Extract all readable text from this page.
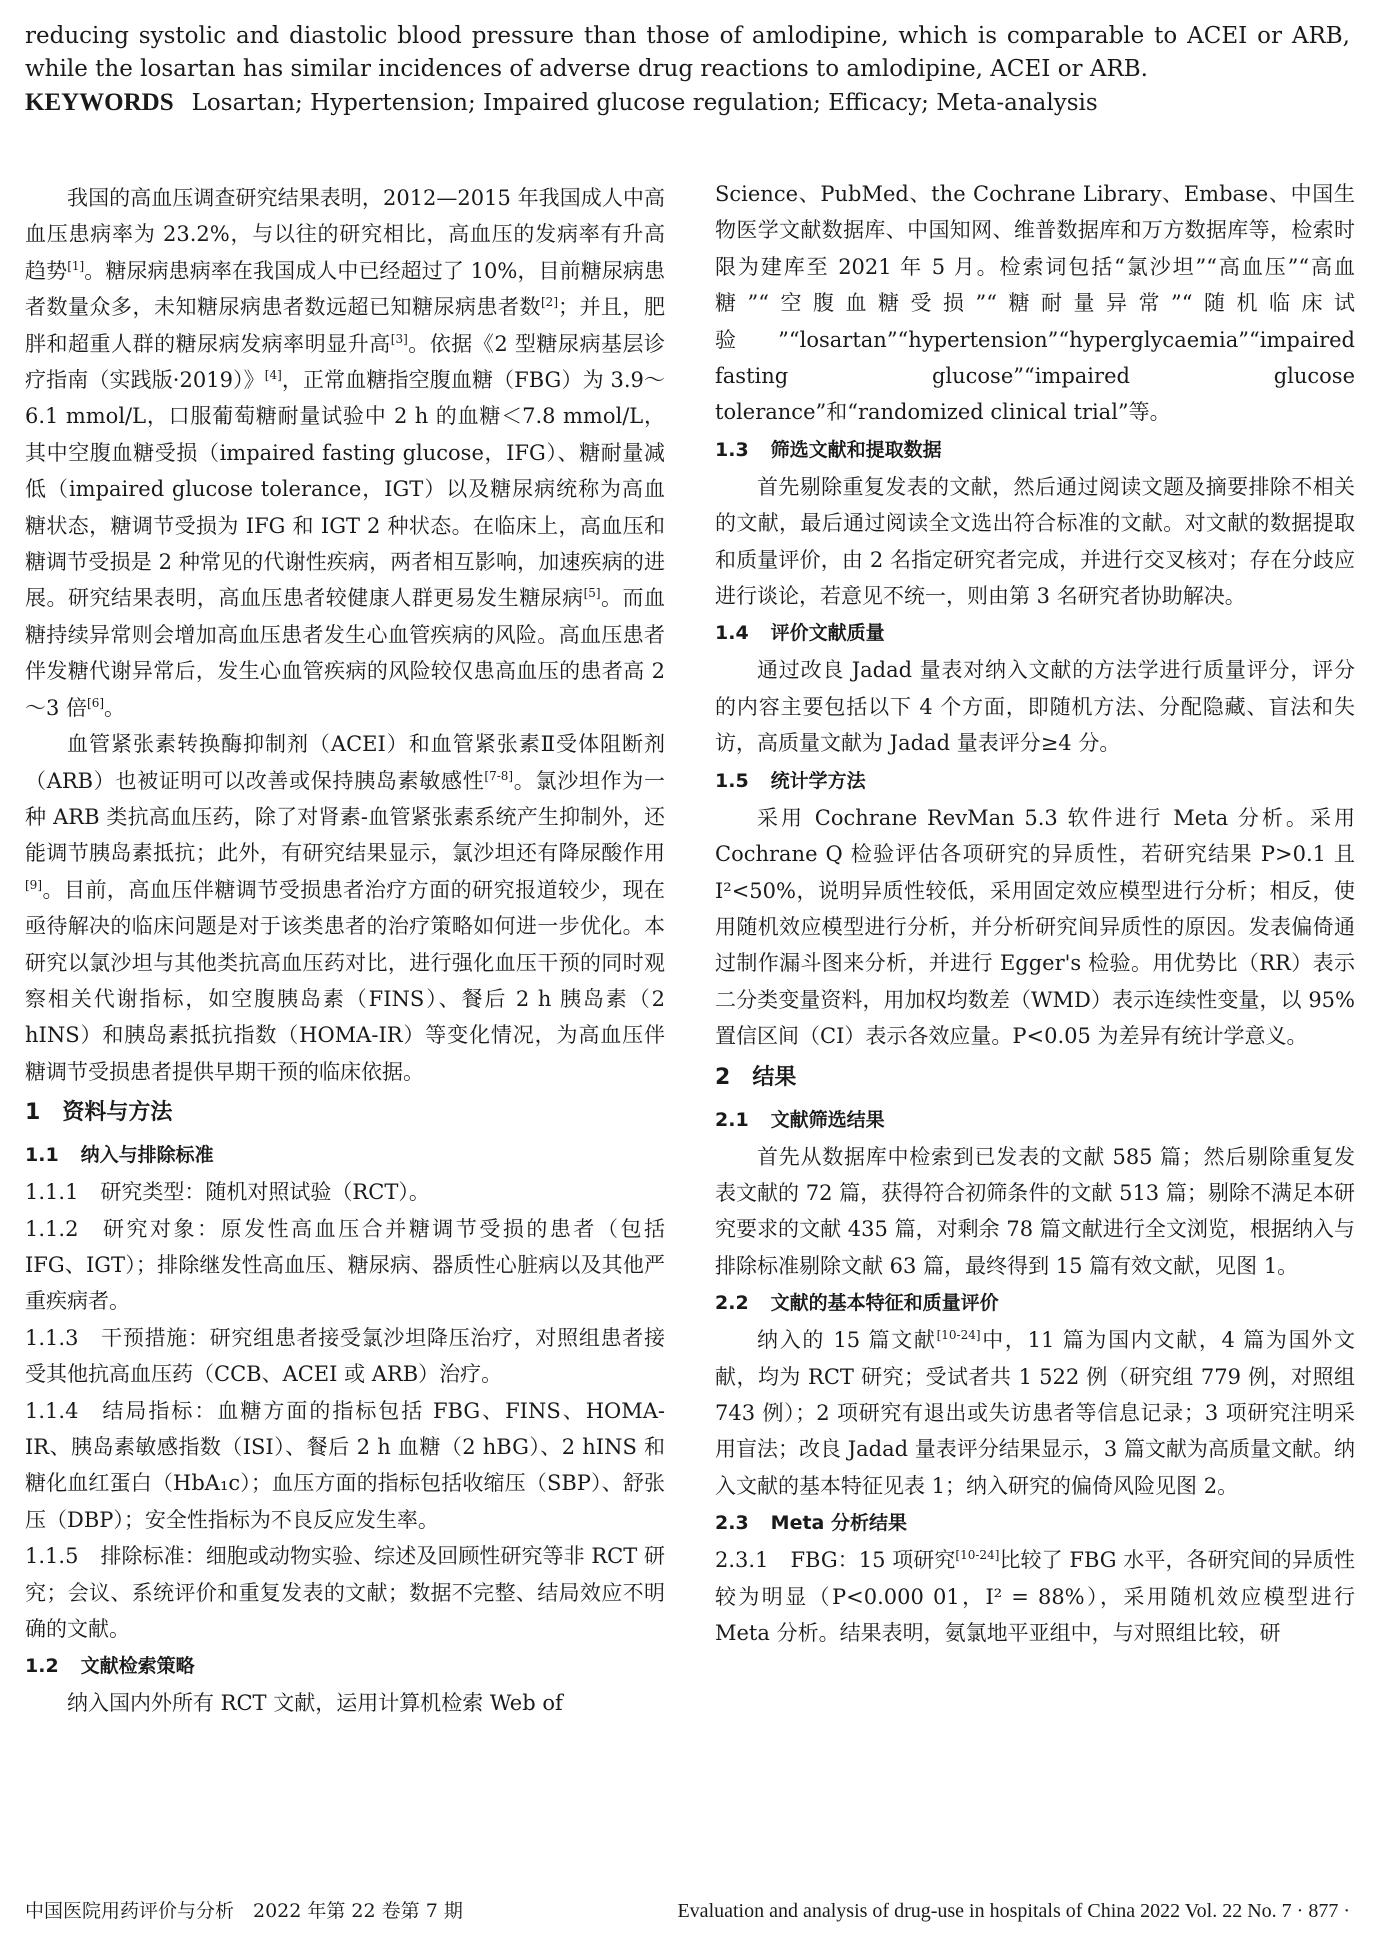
reducing systolic and diastolic blood pressure than those of amlodipine, which is comparable to ACEI or ARB, while the losartan has similar incidences of adverse drug reactions to amlodipine, ACEI or ARB.

KEYWORDS Losartan; Hypertension; Impaired glucose regulation; Efficacy; Meta-analysis

我国的高血压调查研究结果表明，2012—2015 年我国成人中高血压患病率为 23.2%，与以往的研究相比，高血压的发病率有升高趋势[1]。糖尿病患病率在我国成人中已经超过了 10%，目前糖尿病患者数量众多，未知糖尿病患者数远超已知糖尿病患者数[2]；并且，肥胖和超重人群的糖尿病发病率明显升高[3]。依据《2 型糖尿病基层诊疗指南（实践版·2019）》[4]，正常血糖指空腹血糖（FBG）为 3.9～6.1 mmol/L，口服葡萄糖耐量试验中 2 h 的血糖＜7.8 mmol/L，其中空腹血糖受损（impaired fasting glucose，IFG）、糖耐量减低（impaired glucose tolerance，IGT）以及糖尿病统称为高血糖状态，糖调节受损为 IFG 和 IGT 2 种状态。在临床上，高血压和糖调节受损是 2 种常见的代谢性疾病，两者相互影响，加速疾病的进展。研究结果表明，高血压患者较健康人群更易发生糖尿病[5]。而血糖持续异常则会增加高血压患者发生心血管疾病的风险。高血压患者伴发糖代谢异常后，发生心血管疾病的风险较仅患高血压的患者高 2～3 倍[6]。

血管紧张素转换酶抑制剂（ACEI）和血管紧张素Ⅱ受体阻断剂（ARB）也被证明可以改善或保持胰岛素敏感性[7-8]。氯沙坦作为一种 ARB 类抗高血压药，除了对肾素-血管紧张素系统产生抑制外，还能调节胰岛素抵抗；此外，有研究结果显示，氯沙坦还有降尿酸作用[9]。目前，高血压伴糖调节受损患者治疗方面的研究报道较少，现在亟待解决的临床问题是对于该类患者的治疗策略如何进一步优化。本研究以氯沙坦与其他类抗高血压药对比，进行强化血压干预的同时观察相关代谢指标，如空腹胰岛素（FINS）、餐后 2 h 胰岛素（2 hINS）和胰岛素抵抗指数（HOMA-IR）等变化情况，为高血压伴糖调节受损患者提供早期干预的临床依据。

1 资料与方法
1.1 纳入与排除标准

1.1.1 研究类型：随机对照试验（RCT）。

1.1.2 研究对象：原发性高血压合并糖调节受损的患者（包括 IFG、IGT）；排除继发性高血压、糖尿病、器质性心脏病以及其他严重疾病者。

1.1.3 干预措施：研究组患者接受氯沙坦降压治疗，对照组患者接受其他抗高血压药（CCB、ACEI 或 ARB）治疗。

1.1.4 结局指标：血糖方面的指标包括 FBG、FINS、HOMA-IR、胰岛素敏感指数（ISI）、餐后 2 h 血糖（2 hBG）、2 hINS 和糖化血红蛋白（HbA₁c）；血压方面的指标包括收缩压（SBP）、舒张压（DBP）；安全性指标为不良反应发生率。

1.1.5 排除标准：细胞或动物实验、综述及回顾性研究等非 RCT 研究；会议、系统评价和重复发表的文献；数据不完整、结局效应不明确的文献。

1.2 文献检索策略

纳入国内外所有 RCT 文献，运用计算机检索 Web of

Science、PubMed、the Cochrane Library、Embase、中国生物医学文献数据库、中国知网、维普数据库和万方数据库等，检索时限为建库至 2021 年 5 月。检索词包括“氯沙坦”“高血压”“高血糖”“空腹血糖受损”“糖耐量异常”“随机临床试验”“losartan”“hypertension”“hyperglycaemia”“impaired fasting glucose”“impaired glucose tolerance”和“randomized clinical trial”等。

1.3 筛选文献和提取数据

首先剔除重复发表的文献，然后通过阅读文题及摘要排除不相关的文献，最后通过阅读全文选出符合标准的文献。对文献的数据提取和质量评价，由 2 名指定研究者完成，并进行交叉核对；存在分歧应进行谈论，若意见不统一，则由第 3 名研究者协助解决。

1.4 评价文献质量

通过改良 Jadad 量表对纳入文献的方法学进行质量评分，评分的内容主要包括以下 4 个方面，即随机方法、分配隐藏、盲法和失访，高质量文献为 Jadad 量表评分≥4 分。

1.5 统计学方法

采用 Cochrane RevMan 5.3 软件进行 Meta 分析。采用 Cochrane Q 检验评估各项研究的异质性，若研究结果 P>0.1 且 I²<50%，说明异质性较低，采用固定效应模型进行分析；相反，使用随机效应模型进行分析，并分析研究间异质性的原因。发表偏倚通过制作漏斗图来分析，并进行 Egger's 检验。用优势比（RR）表示二分类变量资料，用加权均数差（WMD）表示连续性变量，以 95%置信区间（CI）表示各效应量。P<0.05 为差异有统计学意义。

2 结果
2.1 文献筛选结果

首先从数据库中检索到已发表的文献 585 篇；然后剔除重复发表文献的 72 篇，获得符合初筛条件的文献 513 篇；剔除不满足本研究要求的文献 435 篇，对剩余 78 篇文献进行全文浏览，根据纳入与排除标准剔除文献 63 篇，最终得到 15 篇有效文献，见图 1。

2.2 文献的基本特征和质量评价

纳入的 15 篇文献[10-24]中，11 篇为国内文献，4 篇为国外文献，均为 RCT 研究；受试者共 1 522 例（研究组 779 例，对照组 743 例）；2 项研究有退出或失访患者等信息记录；3 项研究注明采用盲法；改良 Jadad 量表评分结果显示，3 篇文献为高质量文献。纳入文献的基本特征见表 1；纳入研究的偏倚风险见图 2。

2.3 Meta 分析结果

2.3.1 FBG：15 项研究[10-24]比较了 FBG 水平，各研究间的异质性较为明显（P<0.000 01，I² = 88%），采用随机效应模型进行 Meta 分析。结果表明，氨氯地平亚组中，与对照组比较，研

中国医院用药评价与分析　2022 年第 22 卷第 7 期	Evaluation and analysis of drug-use in hospitals of China 2022 Vol. 22 No. 7 · 877 ·
